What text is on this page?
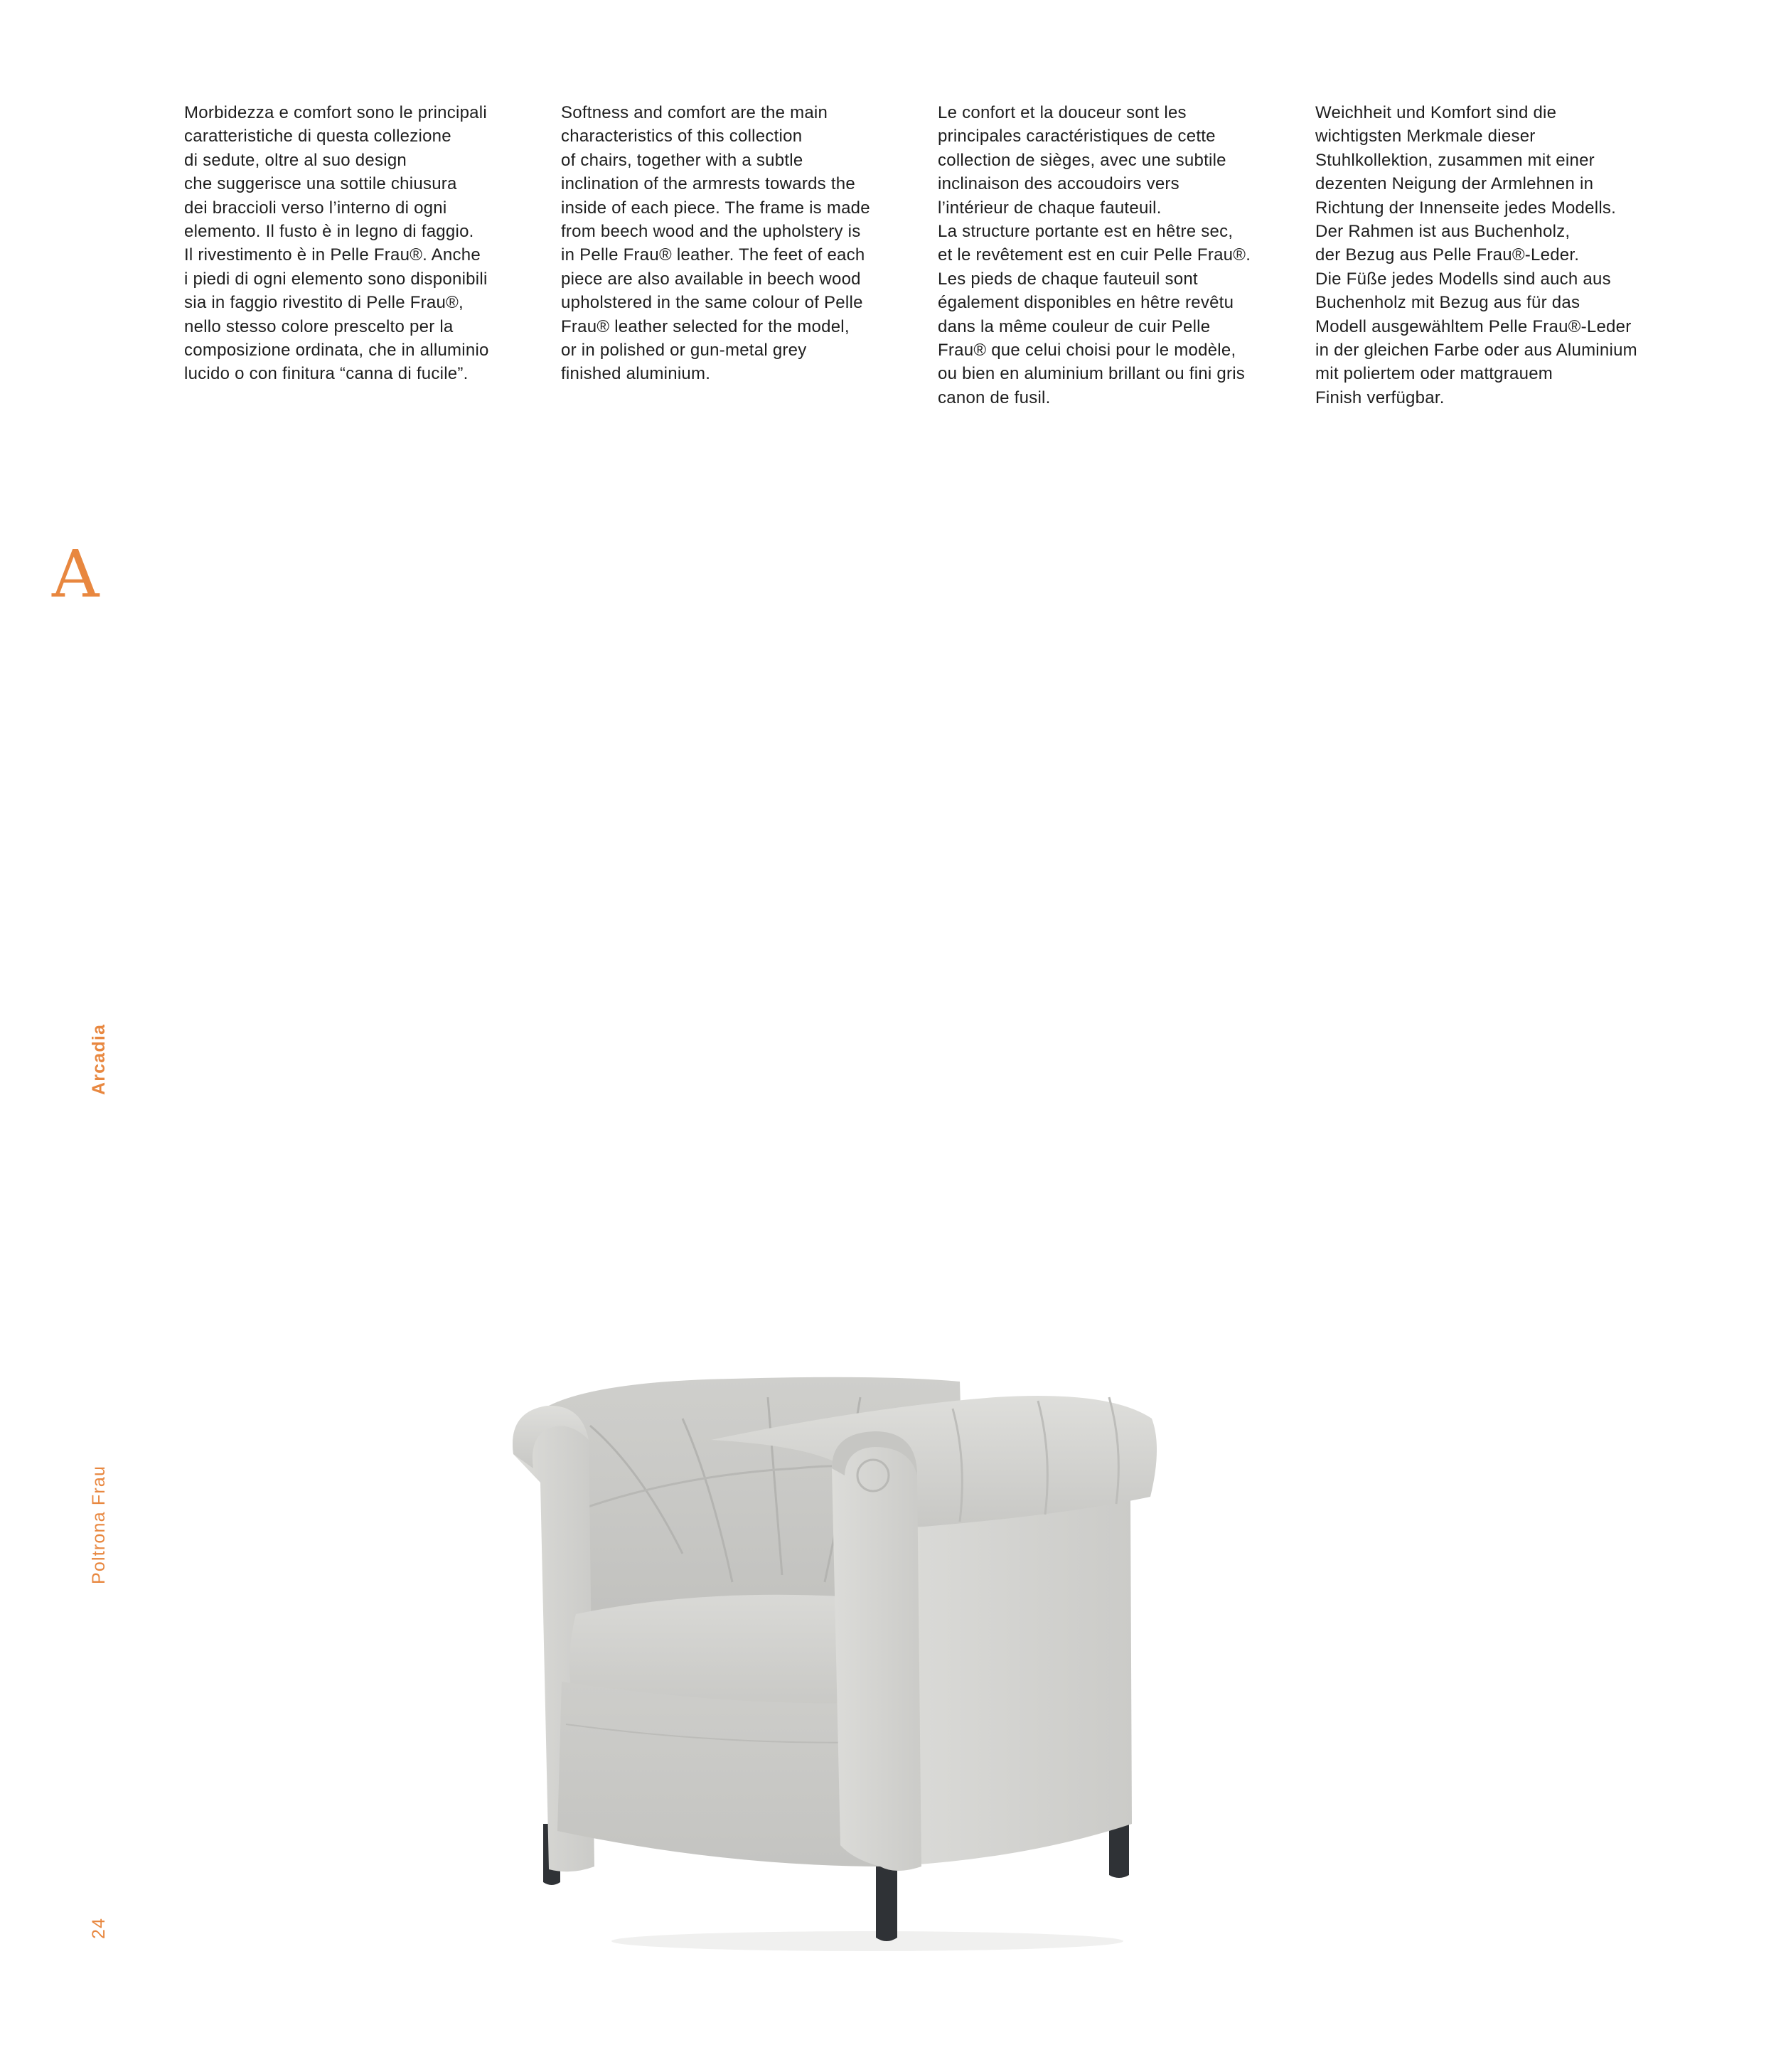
Morbidezza e comfort sono le principali

caratteristiche di questa collezione

di sedute, oltre al suo design

che suggerisce una sottile chiusura

dei braccioli verso l’interno di ogni

elemento. Il fusto è in legno di faggio.

Il rivestimento è in Pelle Frau®. Anche

i piedi di ogni elemento sono disponibili

sia in faggio rivestito di Pelle Frau®,

nello stesso colore prescelto per la

composizione ordinata, che in alluminio

lucido o con finitura “canna di fucile”.

Softness and comfort are the main

characteristics of this collection

of chairs, together with a subtle

inclination of the armrests towards the

inside of each piece. The frame is made

from beech wood and the upholstery is

in Pelle Frau® leather. The feet of each

piece are also available in beech wood

upholstered in the same colour of Pelle

Frau® leather selected for the model,

or in polished or gun-metal grey

finished aluminium.

Le confort et la douceur sont les

principales caractéristiques de cette

collection de sièges, avec une subtile

inclinaison des accoudoirs vers

l’intérieur de chaque fauteuil.

La structure portante est en hêtre sec,

et le revêtement est en cuir Pelle Frau®.

Les pieds de chaque fauteuil sont

également disponibles en hêtre revêtu

dans la même couleur de cuir Pelle

Frau® que celui choisi pour le modèle,

ou bien en aluminium brillant ou fini gris

canon de fusil.

Weichheit und Komfort sind die

wichtigsten Merkmale dieser

Stuhlkollektion, zusammen mit einer

dezenten Neigung der Armlehnen in

Richtung der Innenseite jedes Modells.

Der Rahmen ist aus Buchenholz,

der Bezug aus Pelle Frau®-Leder.

Die Füße jedes Modells sind auch aus

Buchenholz mit Bezug aus für das

Modell ausgewähltem Pelle Frau®-Leder

in der gleichen Farbe oder aus Aluminium

mit poliertem oder mattgrauem

Finish verfügbar.

A
Arcadia
Poltrona Frau
24
